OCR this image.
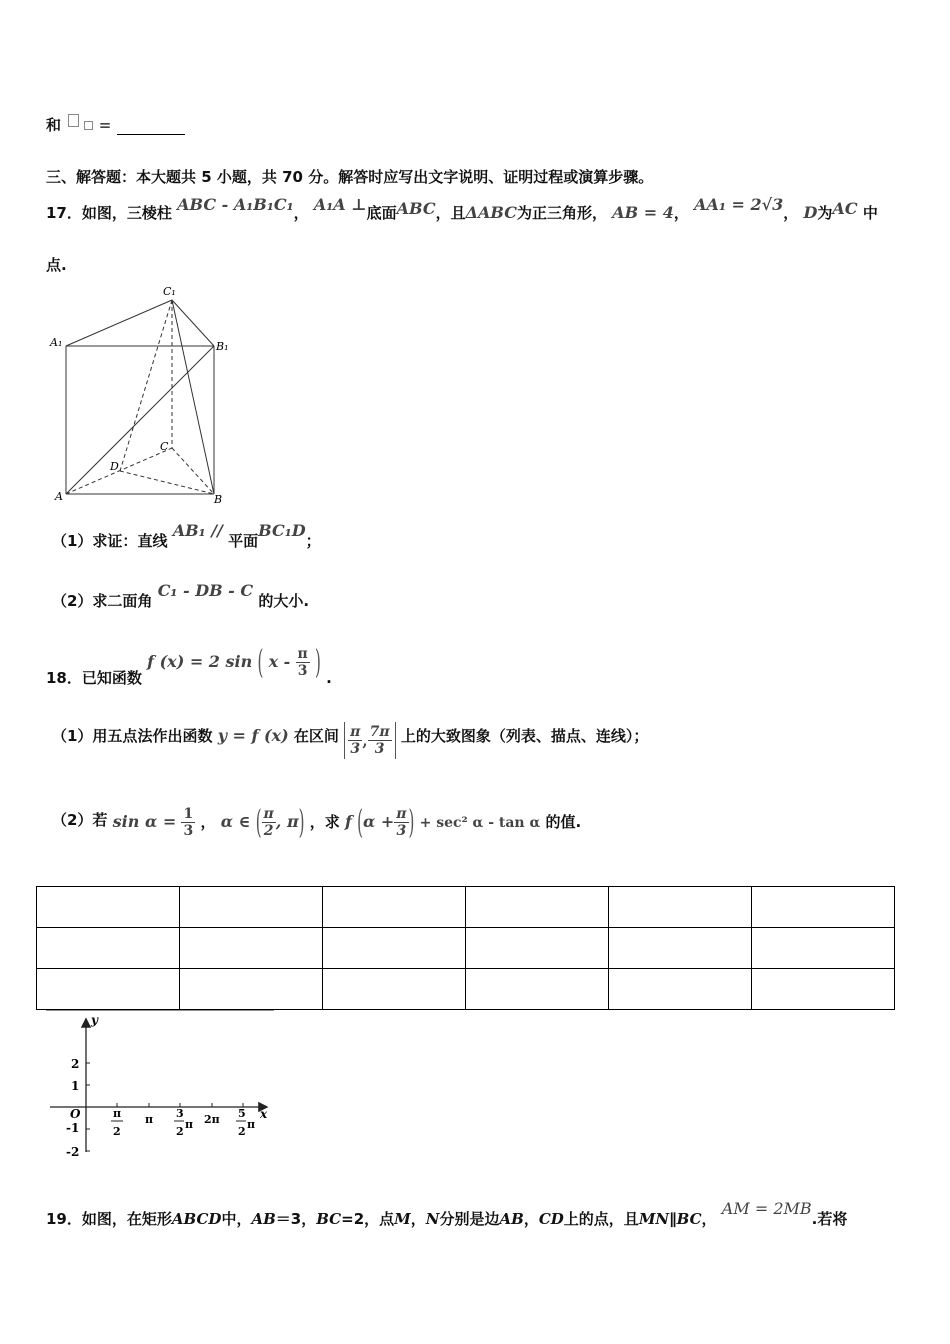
和	=
三、解答题：本大题共 5 小题，共 70 分。解答时应写出文字说明、证明过程或演算步骤。
17．如图，三棱柱 ABC - A₁B₁C₁， A₁A ⊥底面ABC，且ΔABC为正三角形， AB = 4， AA₁ = 2√3， D为AC 中
点.
C₁
A₁	B₁
C
D
A	B
（1）求证：直线 AB₁ // 平面BC₁D；
（2）求二面角 C₁ - DB - C 的大小.
18．已知函数 f (x) = 2 sin ( x - $\frac{\pi}{3}$ ) .
（1）用五点法作出函数 y = f (x) 在区间 $\frac{\pi}{3}$ , $\frac{7\pi}{3}$ 上的大致图象（列表、描点、连线）；
（2）若 $\sin \alpha = \frac{1}{3}$ ， α ∈ ( $\frac{\pi}{2}$ , π) ，求 f ($\alpha + \frac{\pi}{3}$ ) + sec² α - tan α 的值.

y
x
O
2
1
-1
-2
π
2
π 3
2
π 2π 5
2
π
19．如图，在矩形ABCD中，AB＝3，BC=2，点M，N分别是边AB，CD上的点，且MN∥BC， AM = 2MB.若将
